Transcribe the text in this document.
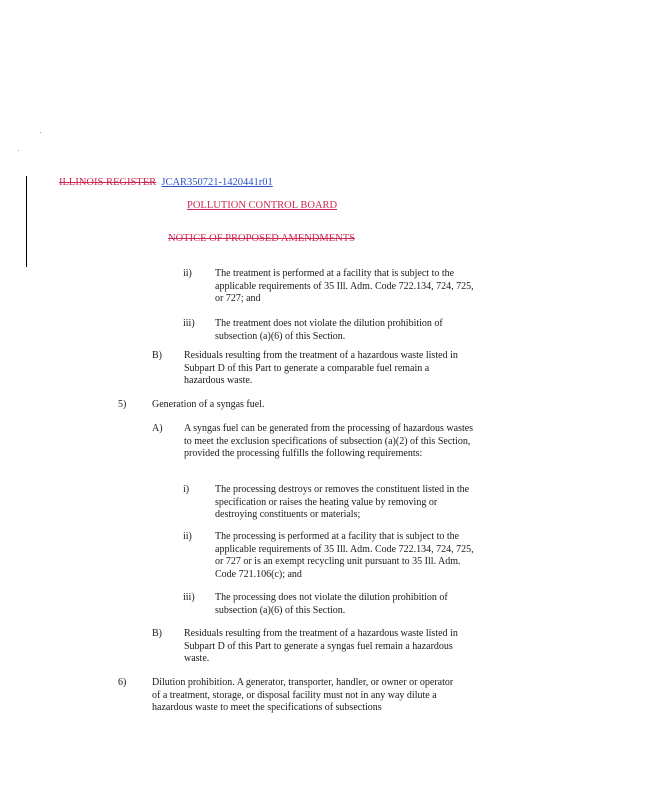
ILLINOIS REGISTER JCAR350721-1420441r01
POLLUTION CONTROL BOARD
NOTICE OF PROPOSED AMENDMENTS
ii) The treatment is performed at a facility that is subject to the applicable requirements of 35 Ill. Adm. Code 722.134, 724, 725, or 727; and
iii) The treatment does not violate the dilution prohibition of subsection (a)(6) of this Section.
B) Residuals resulting from the treatment of a hazardous waste listed in Subpart D of this Part to generate a comparable fuel remain a hazardous waste.
5)	Generation of a syngas fuel.
A) A syngas fuel can be generated from the processing of hazardous wastes to meet the exclusion specifications of subsection (a)(2) of this Section, provided the processing fulfills the following requirements:
i)	The processing destroys or removes the constituent listed in the specification or raises the heating value by removing or destroying constituents or materials;
ii) The processing is performed at a facility that is subject to the applicable requirements of 35 Ill. Adm. Code 722.134, 724, 725, or 727 or is an exempt recycling unit pursuant to 35 Ill. Adm. Code 721.106(c); and
iii) The processing does not violate the dilution prohibition of subsection (a)(6) of this Section.
B) Residuals resulting from the treatment of a hazardous waste listed in Subpart D of this Part to generate a syngas fuel remain a hazardous waste.
6)	Dilution prohibition. A generator, transporter, handler, or owner or operator of a treatment, storage, or disposal facility must not in any way dilute a hazardous waste to meet the specifications of subsections
